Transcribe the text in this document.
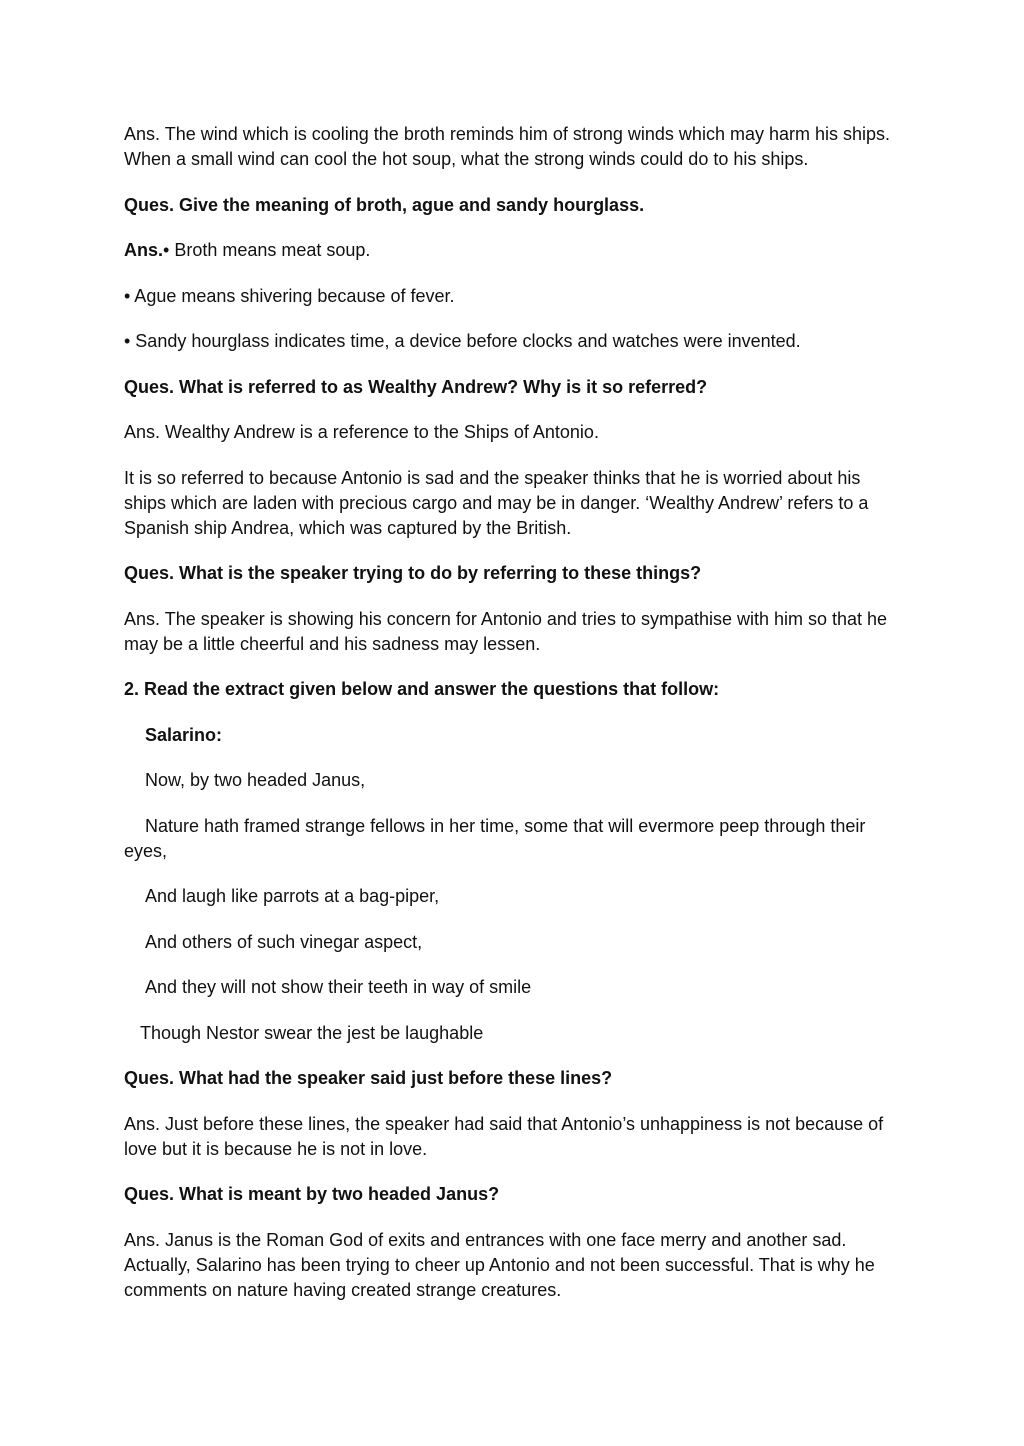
Ans. The wind which is cooling the broth reminds him of strong winds which may harm his ships. When a small wind can cool the hot soup, what the strong winds could do to his ships.

Ques. Give the meaning of broth, ague and sandy hourglass.

Ans.• Broth means meat soup.

• Ague means shivering because of fever.

• Sandy hourglass indicates time, a device before clocks and watches were invented.

Ques. What is referred to as Wealthy Andrew? Why is it so referred?

Ans. Wealthy Andrew is a reference to the Ships of Antonio.

It is so referred to because Antonio is sad and the speaker thinks that he is worried about his ships which are laden with precious cargo and may be in danger. ‘Wealthy Andrew’ refers to a Spanish ship Andrea, which was captured by the British.

Ques. What is the speaker trying to do by referring to these things?

Ans. The speaker is showing his concern for Antonio and tries to sympathise with him so that he may be a little cheerful and his sadness may lessen.

2. Read the extract given below and answer the questions that follow:

Salarino:

Now, by two headed Janus,

Nature hath framed strange fellows in her time, some that will evermore peep through their eyes,

And laugh like parrots at a bag-piper,

And others of such vinegar aspect,

And they will not show their teeth in way of smile

Though Nestor swear the jest be laughable

Ques. What had the speaker said just before these lines?

Ans. Just before these lines, the speaker had said that Antonio’s unhappiness is not because of love but it is because he is not in love.

Ques. What is meant by two headed Janus?

Ans. Janus is the Roman God of exits and entrances with one face merry and another sad. Actually, Salarino has been trying to cheer up Antonio and not been successful. That is why he comments on nature having created strange creatures.
